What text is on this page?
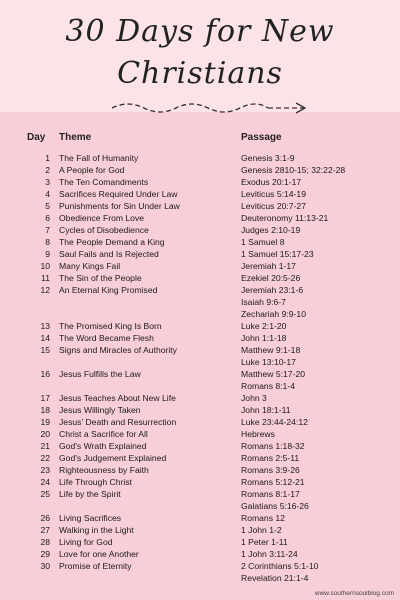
30 Days for New
Christians
Day Theme	Passage
1 The Fall of Humanity	Genesis 3:1-9
2 A People for God	Genesis 2810-15; 32:22-28
3 The Ten Comandments	Exodus 20:1-17
4 Sacrifices Required Under Law	Leviticus 5:14-19
5 Punishments for Sin Under Law	Leviticus 20:7-27
6 Obedience From Love	Deuteronomy 11:13-21
7 Cycles of Disobedience	Judges 2:10-19
8 The People Demand a King	1 Samuel 8
9 Saul Fails and Is Rejected	1 Samuel 15:17-23
10 Many Kings Fail	Jeremiah 1-17
11 The Sin of the People	Ezekiel 20:5-26
12 An Eternal King Promised	Jeremiah 23:1-6
Isaiah 9:6-7
Zechariah 9:9-10
13 The Promised King Is Born	Luke 2:1-20
14 The Word Became Flesh	John 1:1-18
15 Signs and Miracles of Authority	Matthew 9:1-18
Luke 13:10-17
16 Jesus Fulfills the Law	Matthew 5:17-20
Romans 8:1-4
17 Jesus Teaches About New Life	John 3
18 Jesus Willingly Taken	John 18:1-11
19 Jesus' Death and Resurrection	Luke 23:44-24:12
20 Christ a Sacrifice for All	Hebrews
21 God's Wrath Explained	Romans 1:18-32
22 God's Judgement Explained	Romans 2:5-11
23 Righteousness by Faith	Romans 3:9-26
24 Life Through Christ	Romans 5:12-21
25 Life by the Spirit	Romans 8:1-17
Galatians 5:16-26
26 Living Sacrifices	Romans 12
27 Walking in the Light	1 John 1-2
28 Living for God	1 Peter 1-11
29 Love for one Another	1 John 3:11-24
30 Promise of Eternity	2 Corinthians 5:1-10
Revelation 21:1-4
www.southernsoulblog.com
